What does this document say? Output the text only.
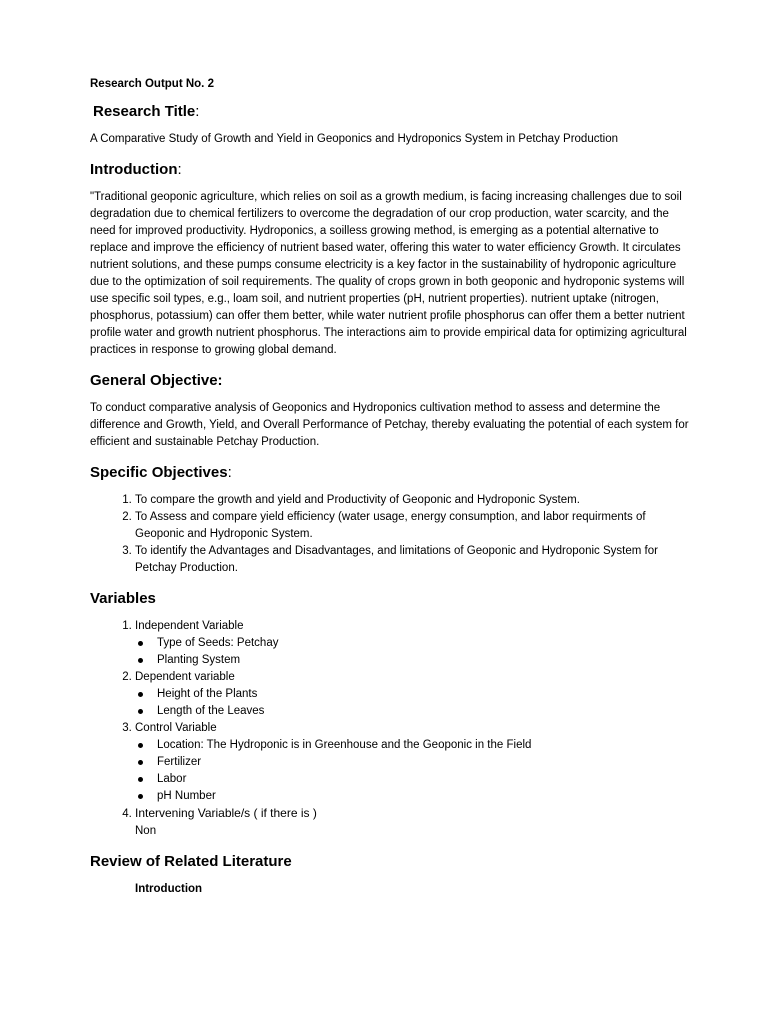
Research Output No. 2
Research Title:

A Comparative Study of Growth and Yield in Geoponics and Hydroponics System in Petchay Production

Introduction:

"Traditional geoponic agriculture, which relies on soil as a growth medium, is facing increasing challenges due to soil degradation due to chemical fertilizers to overcome the degradation of our crop production, water scarcity, and the need for improved productivity. Hydroponics, a soilless growing method, is emerging as a potential alternative to replace and improve the efficiency of nutrient based water, offering this water to water efficiency Growth. It circulates nutrient solutions, and these pumps consume electricity is a key factor in the sustainability of hydroponic agriculture due to the optimization of soil requirements. The quality of crops grown in both geoponic and hydroponic systems will use specific soil types, e.g., loam soil, and nutrient properties (pH, nutrient properties). nutrient uptake (nitrogen, phosphorus, potassium) can offer them better, while water nutrient profile phosphorus can offer them a better nutrient profile water and growth nutrient phosphorus. The interactions aim to provide empirical data for optimizing agricultural practices in response to growing global demand.

General Objective:

To conduct comparative analysis of Geoponics and Hydroponics cultivation method to assess and determine the difference and Growth, Yield, and Overall Performance of Petchay, thereby evaluating the potential of each system for efficient and sustainable Petchay Production.

Specific Objectives:
1. To compare the growth and yield and Productivity of Geoponic and Hydroponic System.
2. To Assess and compare yield efficiency (water usage, energy consumption, and labor requirments of Geoponic and Hydroponic System.
3. To identify the Advantages and Disadvantages, and limitations of Geoponic and Hydroponic System for Petchay Production.
Variables
1. Independent Variable
Type of Seeds: Petchay
Planting System
2. Dependent variable
Height of the Plants
Length of the Leaves
3. Control Variable
Location: The Hydroponic is in Greenhouse and the Geoponic in the Field
Fertilizer
Labor
pH Number
4. Intervening Variable/s ( if there is )
Non
Review of Related Literature
Introduction
